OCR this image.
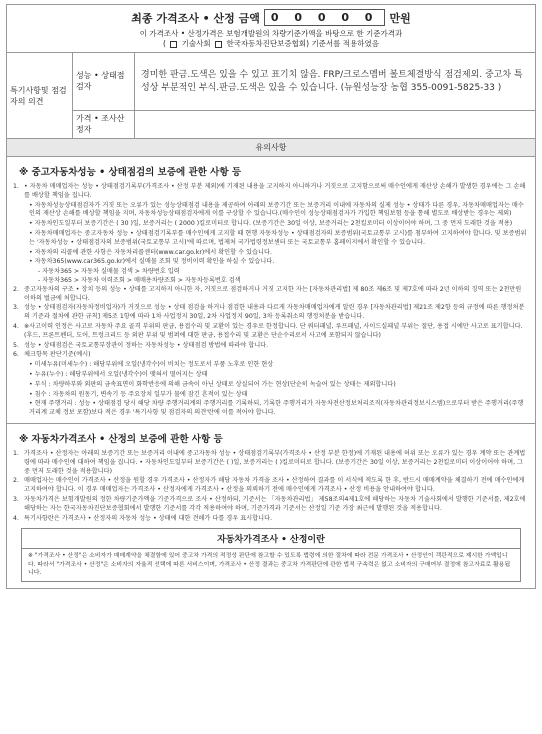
최종 가격조사 • 산정 금액	0 0 0 0 0	만원
이 가격조사 • 산정가격은 보험개발원의 차량기준가액을 바탕으로 한 기준가격과
( 기술사회 한국자동차진단보증협회) 기준서를 적용하였음
특기사항및 점검자의 의견	성능 • 상태점검자	경미한 판금.도색은 있을 수 있고 표기치 않음. FRP/크로스멤버 볼트체결방식 점검제외. 중고차 특성상 부분적인 부식.판금.도색은 있을 수 있습니다. (뉴원성능장 농협 355-0091-5825-33 )
	가격 • 조사산정자	
유의사항
※ 중고자동차성능 • 상태점검의 보증에 관한 사항 등
1. • 자동차 매매업자는 성능 • 상태점검기록부(가격조사 • 산정 부분 제외)에 기재된 내용을 고지하지 아니하거나 거짓으로 고지함으로써 매수인에게 재산상 손해가 발생한 경우에는 그 손해를 배상할 책임을 집니다.
• 자동차성능상태점검자가 거짓 또는 오류가 있는 성능상태점검 내용을 제공하여 아래의 보증기간 또는 보증거리 이내에 자동차의 실제 성능 • 상태가 다른 경우, 자동차매매업자는 매수인의 재산상 손해를 배상할 책임을 지며, 자동차성능상태점검자에게 이를 구상할 수 있습니다.(매수인이 성능상태점검자가 가입한 책임보험 등을 통해 별도로 배상받는 경우는 제외)
• 자동차인도일부터 보증기간은 ( 30 )일, 보증거리는 ( 2000 )킬로미터로 합니다. (보증기간은 30일 이상, 보증거리는 2천킬로미터 이상이어야 하며, 그 중 먼저 도래한 것을 적용)
• 자동차매매업자는 중고자동차 성능 • 상태점검기록부를 매수인에게 고지할 때 현행 자동차성능 • 상태점검자의 보증범위(국토교통부 고시)를 첨부하여 고지하여야 합니다. 및 보증범위는 '자동차성능 • 상태점검자의 보증범위(국토교통부 고시)'에 따르며, 법제처 국가법령정보센터 또는 국토교통부 홈페이지에서 확인할 수 있습니다.
• 자동차의 리콜에 관한 사항은 자동차리콜센터(www.car.go.kr)에서 확인할 수 있습니다.
• 자동차365(www.car365.go.kr)에서 실매물 조회 및 정비이력 확인을 하실 수 있습니다.
- 자동차365 > 자동차 실매물 검색 > 차량번호 입력
- 자동차365 > 자동차 이력조회 > 매매용차량조회 > 자동차등록번호 검색
2. 중고자동차의 구조 • 장치 등의 성능 • 상태를 고지하지 아니한 자, 거짓으로 점검하거나 거짓 고지한 자는 [자동차관리법] 제 80조 제6조 및 제7호에 따라 2년 이하의 징역 또는 2천만원 이하의 벌금에 처합니다.
3. 성능 • 상태점검자(자동차정비업자)가 거짓으로 성능 • 상태 점검을 하거나 점검한 내용과 다르게 자동차매매업자에게 알린 경우 [자동차관리법] 제21조 제2항 등의 규정에 따른 행정처분의 기준과 절차에 관한 규칙] 제5조 1항에 따라 1차 사업정지 30일, 2차 사업정지 90일, 3차 등록취소의 행정처분을 받습니다.
4. ※사고이력 인정은 사고로 자동차 주요 골격 부위의 판금, 용접수리 및 교환이 있는 경우로 한정합니다. 단 쿼터패널, 루프패널, 사이드실패널 부위는 절단, 용접 시에만 사고로 표기합니다. (후드, 프론트펜더, 도어, 트렁크리드 등 외판 부위 및 범퍼에 대한 판금, 용접수리 및 교환은 단순수리로서 사고에 포함되지 않습니다)
5. 성능 • 상태점검은 국토교통부장관이 정하는 자동차성능 • 상태점검 방법에 따라야 합니다.
6. 체크항목 판단기준(예시)
• 미세누유(미세누수) : 해당부위에 오일(냉각수)이 비치는 정도로서 부품 노후로 인한 현상
• 누유(누수) : 해당부위에서 오일(냉각수)이 맺혀서 떨어지는 상태
• 부식 : 차량하부와 외판의 금속표면이 화학반응에 의해 금속이 아닌 상태로 상실되어 가는 현상(단순히 녹슬어 있는 상태는 제외합니다)
• 침수 : 자동차의 원동기, 변속기 등 주요장치 일부가 물에 잠긴 흔적이 있는 상태
• 현재 주행거리 : 성능 • 상태점검 당시 해당 차량 주행거리계의 주행거리를 기록하되, 기록한 주행거리가 자동차전산정보처리조직(자동차관리정보시스템)으로부터 받은 주행거리(주행거리계 교체 정보 포함)보다 적은 경우 '특기사항 및 점검자의 의견'란에 이를 적어야 합니다.
※ 자동차가격조사 • 산정의 보증에 관한 사항 등
1. 가격조사 • 산정자는 아래의 보증기간 또는 보증거리 이내에 중고자동차 성능 • 상태점검기록부(가격조사 • 산정 부분 한정)에 기재된 내용에 허위 또는 오류가 있는 경우 계약 또는 관계법령에 따라 매수인에 대하여 책임을 집니다. • 자동차인도일부터 보증기간은 ( )일, 보증거리는 ( )킬로미터로 합니다. (보증기간은 30일 이상, 보증거리는 2천킬로미터 이상이어야 하며, 그 중 먼저 도래한 것을 적용합니다)
2. 매매업자는 매수인이 가격조사 • 산정을 원할 경우 가격조사 • 산정자가 해당 자동차 가격을 조사 • 산정하여 결과를 이 서식에 적도록 한 후, 반드시 매매계약을 체결하기 전에 매수인에게 고지하여야 합니다. 이 경우 매매업자는 가격조사 • 산정자에게 가격조사 • 산정을 의뢰하기 전에 매수인에게 가격조사 • 산정 비용을 안내하여야 합니다.
3. 자동차가격은 보험개발원의 정한 차량기준가액을 기준가격으로 조사 • 산정하되, 기준서는 「자동차관리법」 제58조의4제1호에 해당하는 자동차 기술사회에서 발행한 기준서를, 제2호에 해당하는 자는 한국자동차진단보증협회에서 발행한 기준서를 각각 적용하여야 하며, 기준가격과 기준서는 산정일 기준 가장 최근에 발행된 것을 적용합니다.
4. 특기사항란은 가격조사 • 산정자의 자동차 성능 • 상태에 대한 견해가 다를 경우 표시합니다.
자동차가격조사 • 산정이란
※ "가격조사 • 산정"은 소비자가 매매계약을 체결함에 있어 중고차 가격의 적정성 판단에 참고할 수 있도록 법령에 의한 절차에 따라 전문 가격조사 • 산정인이 객관적으로 제시한 가액입니다. 따라서 "가격조사 • 산정"은 소비자의 자율적 선택에 따른 서비스이며, 가격조사 • 산정 결과는 중고차 가격판단에 관한 법적 구속력은 없고 소비자의 구매여부 결정에 참고자료로 활용됩니다.
